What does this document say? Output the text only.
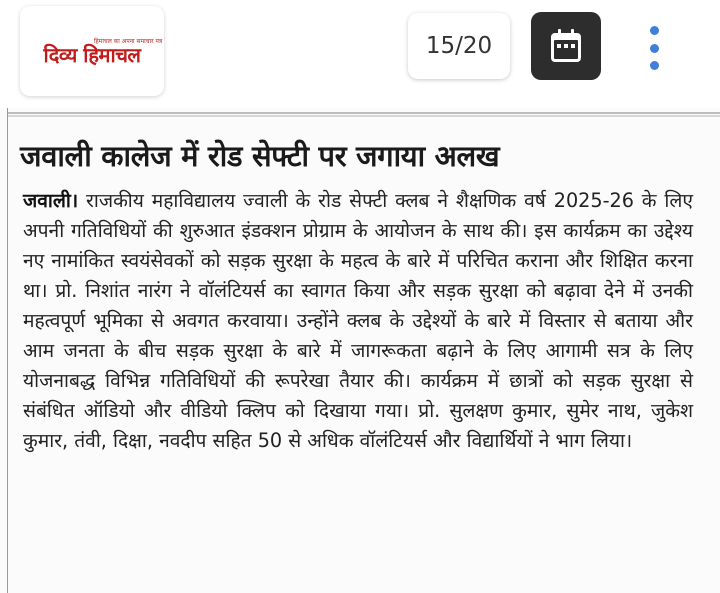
हिमाचल का अपना समाचार पत्र
दिव्य हिमाचल	15/20
जवाली कालेज में रोड सेफ्टी पर जगाया अलख
जवाली। राजकीय महाविद्यालय ज्वाली के रोड सेफ्टी क्लब ने शैक्षणिक वर्ष 2025-26 के लिए अपनी गतिविधियों की शुरुआत इंडक्शन प्रोग्राम के आयोजन के साथ की। इस कार्यक्रम का उद्देश्य नए नामांकित स्वयंसेवकों को सड़क सुरक्षा के महत्व के बारे में परिचित कराना और शिक्षित करना था। प्रो. निशांत नारंग ने वॉलंटियर्स का स्वागत किया और सड़क सुरक्षा को बढ़ावा देने में उनकी महत्वपूर्ण भूमिका से अवगत करवाया। उन्होंने क्लब के उद्देश्यों के बारे में विस्तार से बताया और आम जनता के बीच सड़क सुरक्षा के बारे में जागरूकता बढ़ाने के लिए आगामी सत्र के लिए योजनाबद्ध विभिन्न गतिविधियों की रूपरेखा तैयार की। कार्यक्रम में छात्रों को सड़क सुरक्षा से संबंधित ऑडियो और वीडियो क्लिप को दिखाया गया। प्रो. सुलक्षण कुमार, सुमेर नाथ, जुकेश कुमार, तंवी, दिक्षा, नवदीप सहित 50 से अधिक वॉलंटियर्स और विद्यार्थियों ने भाग लिया।
